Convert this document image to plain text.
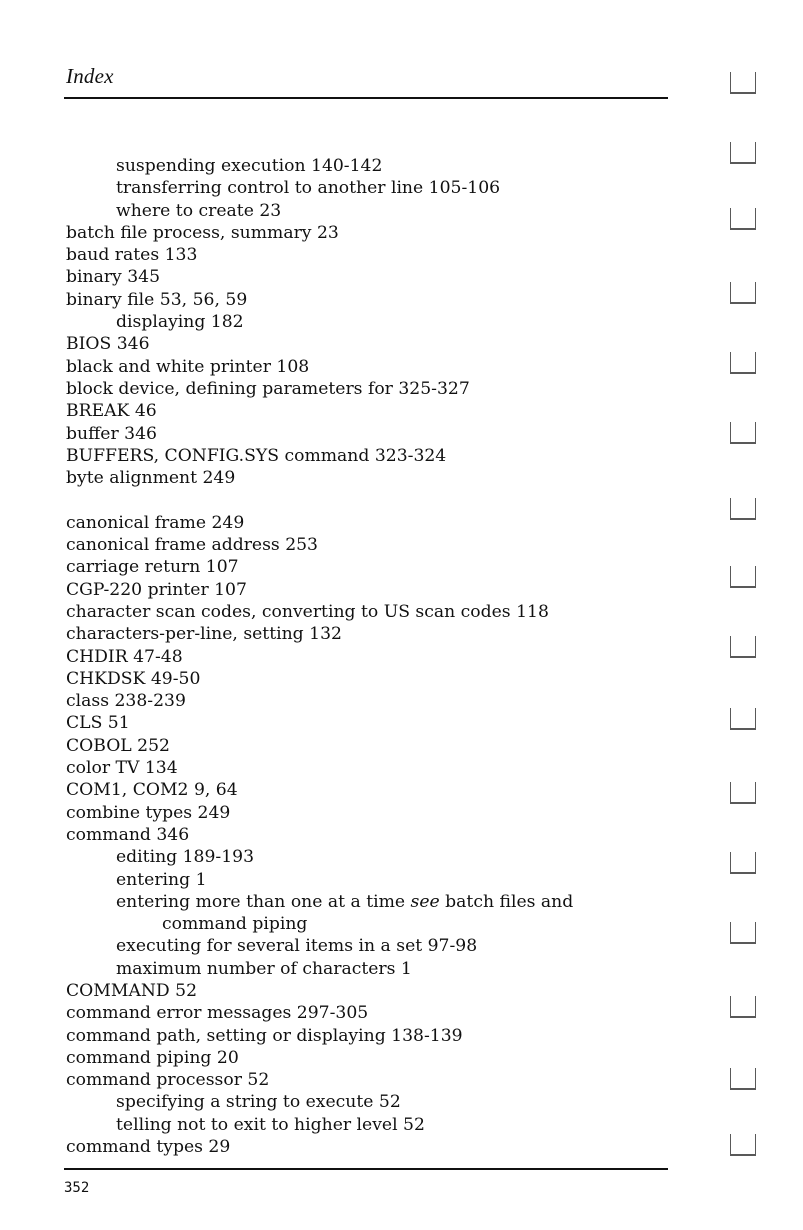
Index
suspending execution 140-142
transferring control to another line 105-106
where to create 23
batch file process, summary 23
baud rates 133
binary 345
binary file 53, 56, 59
displaying 182
BIOS 346
black and white printer 108
block device, defining parameters for 325-327
BREAK 46
buffer 346
BUFFERS, CONFIG.SYS command 323-324
byte alignment 249
canonical frame 249
canonical frame address 253
carriage return 107
CGP-220 printer 107
character scan codes, converting to US scan codes 118
characters-per-line, setting 132
CHDIR 47-48
CHKDSK 49-50
class 238-239
CLS 51
COBOL 252
color TV 134
COM1, COM2 9, 64
combine types 249
command 346
editing 189-193
entering 1
entering more than one at a time see batch files and
command piping
executing for several items in a set 97-98
maximum number of characters 1
COMMAND 52
command error messages 297-305
command path, setting or displaying 138-139
command piping 20
command processor 52
specifying a string to execute 52
telling not to exit to higher level 52
command types 29
352
